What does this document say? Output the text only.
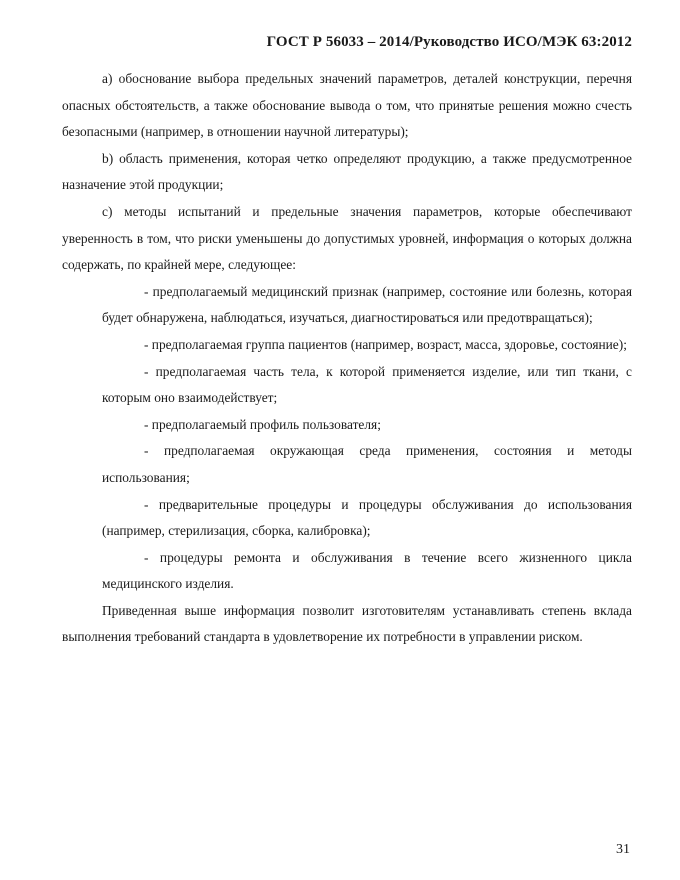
ГОСТ Р 56033 – 2014/Руководство ИСО/МЭК 63:2012

a) обоснование выбора предельных значений параметров, деталей конструкции, перечня опасных обстоятельств, а также обоснование вывода о том, что принятые решения можно счесть безопасными (например, в отношении научной литературы);

b) область применения, которая четко определяют продукцию, а также предусмотренное назначение этой продукции;

c) методы испытаний и предельные значения параметров, которые обеспечивают уверенность в том, что риски уменьшены до допустимых уровней, информация о которых должна содержать, по крайней мере, следующее:

- предполагаемый медицинский признак (например, состояние или болезнь, которая будет обнаружена, наблюдаться, изучаться, диагностироваться или предотвращаться);

- предполагаемая группа пациентов (например, возраст, масса, здоровье, состояние);

- предполагаемая часть тела, к которой применяется изделие, или тип ткани, с которым оно взаимодействует;

- предполагаемый профиль пользователя;

- предполагаемая окружающая среда применения, состояния и методы использования;

- предварительные процедуры и процедуры обслуживания до использования (например, стерилизация, сборка, калибровка);

- процедуры ремонта и обслуживания в течение всего жизненного цикла медицинского изделия.

Приведенная выше информация позволит изготовителям устанавливать степень вклада выполнения требований стандарта в удовлетворение их потребности в управлении риском.

31
